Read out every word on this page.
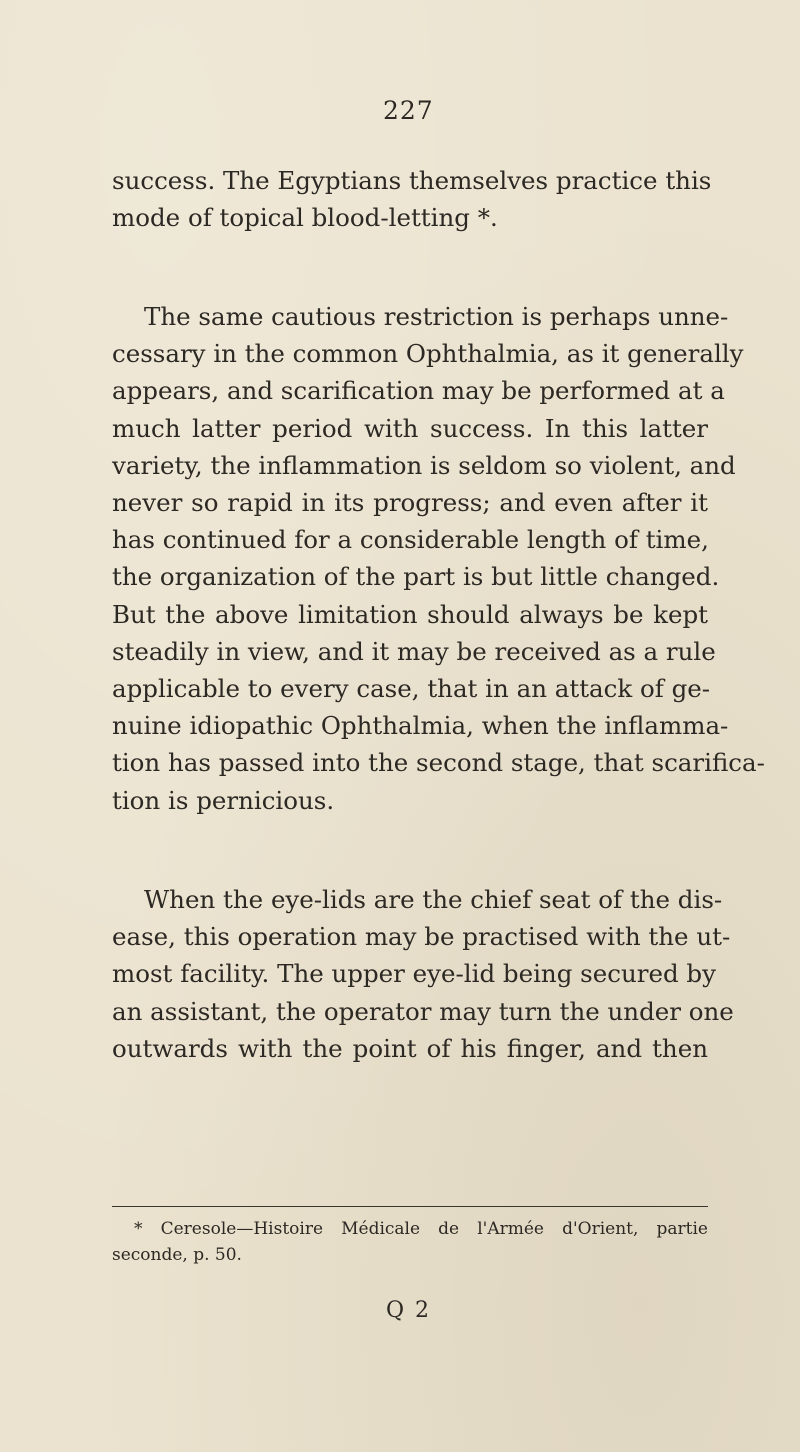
227
success. The Egyptians themselves practice this
mode of topical blood-letting *.
The same cautious restriction is perhaps unne-
cessary in the common Ophthalmia, as it generally
appears, and scarification may be performed at a
much latter period with success. In this latter
variety, the inflammation is seldom so violent, and
never so rapid in its progress; and even after it
has continued for a considerable length of time,
the organization of the part is but little changed.
But the above limitation should always be kept
steadily in view, and it may be received as a rule
applicable to every case, that in an attack of ge-
nuine idiopathic Ophthalmia, when the inflamma-
tion has passed into the second stage, that scarifica-
tion is pernicious.
When the eye-lids are the chief seat of the dis-
ease, this operation may be practised with the ut-
most facility. The upper eye-lid being secured by
an assistant, the operator may turn the under one
outwards with the point of his finger, and then
* Ceresole—Histoire Médicale de l'Armée d'Orient, partie
seconde, p. 50.
Q 2
